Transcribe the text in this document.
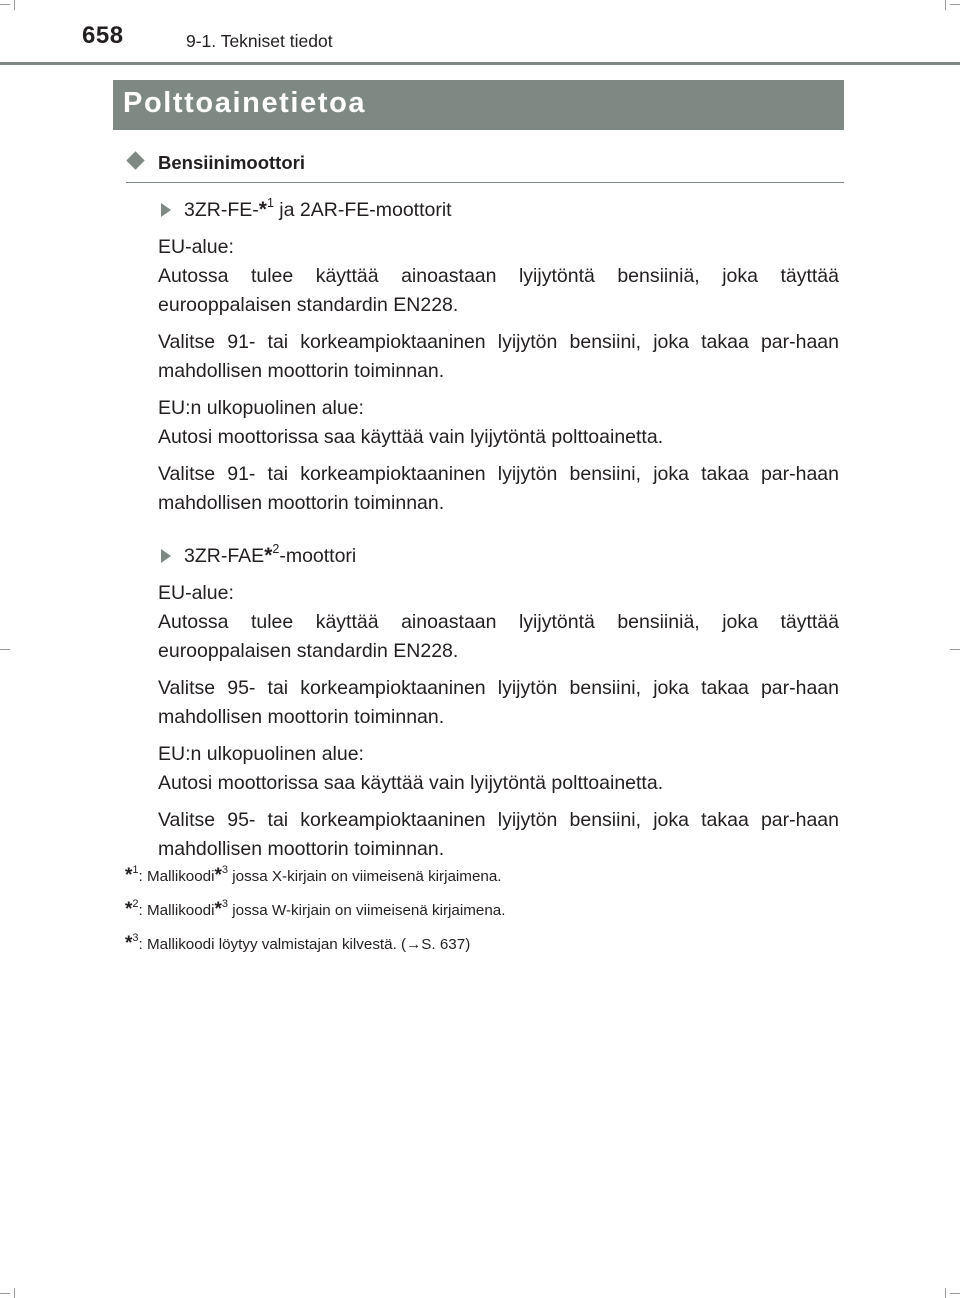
658	9-1. Tekniset tiedot
Polttoainetietoa
Bensiinimoottori
3ZR-FE-*$^1$ ja 2AR-FE-moottorit

EU-alue:

Autossa tulee käyttää ainoastaan lyijytöntä bensiiniä, joka täyttää eurooppalaisen standardin EN228.

Valitse 91- tai korkeampioktaaninen lyijytön bensiini, joka takaa par-haan mahdollisen moottorin toiminnan.

EU:n ulkopuolinen alue:

Autosi moottorissa saa käyttää vain lyijytöntä polttoainetta.

Valitse 91- tai korkeampioktaaninen lyijytön bensiini, joka takaa par-haan mahdollisen moottorin toiminnan.

3ZR-FAE*$^2$-moottori

EU-alue:

Autossa tulee käyttää ainoastaan lyijytöntä bensiiniä, joka täyttää eurooppalaisen standardin EN228.

Valitse 95- tai korkeampioktaaninen lyijytön bensiini, joka takaa par-haan mahdollisen moottorin toiminnan.

EU:n ulkopuolinen alue:

Autosi moottorissa saa käyttää vain lyijytöntä polttoainetta.

Valitse 95- tai korkeampioktaaninen lyijytön bensiini, joka takaa par-haan mahdollisen moottorin toiminnan.

*$^1$: Mallikoodi*$^3$ jossa X-kirjain on viimeisenä kirjaimena.

*$^2$: Mallikoodi*$^3$ jossa W-kirjain on viimeisenä kirjaimena.

*$^3$: Mallikoodi löytyy valmistajan kilvestä. (→S. 637)
